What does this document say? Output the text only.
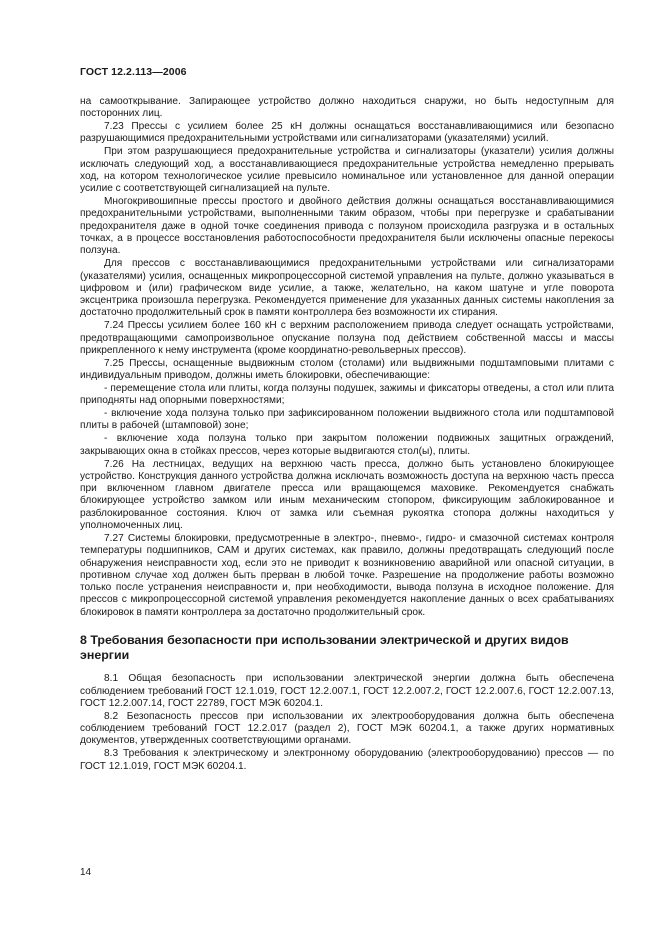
ГОСТ 12.2.113—2006

на самооткрывание. Запирающее устройство должно находиться снаружи, но быть недоступным для посторонних лиц.

7.23 Прессы с усилием более 25 кН должны оснащаться восстанавливающимися или безопасно разрушающимися предохранительными устройствами или сигнализаторами (указателями) усилий.

При этом разрушающиеся предохранительные устройства и сигнализаторы (указатели) усилия должны исключать следующий ход, а восстанавливающиеся предохранительные устройства немедленно прерывать ход, на котором технологическое усилие превысило номинальное или установленное для данной операции усилие с соответствующей сигнализацией на пульте.

Многокривошипные прессы простого и двойного действия должны оснащаться восстанавливающимися предохранительными устройствами, выполненными таким образом, чтобы при перегрузке и срабатывании предохранителя даже в одной точке соединения привода с ползуном происходила разгрузка и в остальных точках, а в процессе восстановления работоспособности предохранителя были исключены опасные перекосы ползуна.

Для прессов с восстанавливающимися предохранительными устройствами или сигнализаторами (указателями) усилия, оснащенных микропроцессорной системой управления на пульте, должно указываться в цифровом и (или) графическом виде усилие, а также, желательно, на каком шатуне и угле поворота эксцентрика произошла перегрузка. Рекомендуется применение для указанных данных системы накопления за достаточно продолжительный срок в памяти контроллера без возможности их стирания.

7.24 Прессы усилием более 160 кН с верхним расположением привода следует оснащать устройствами, предотвращающими самопроизвольное опускание ползуна под действием собственной массы и массы прикрепленного к нему инструмента (кроме координатно-револьверных прессов).

7.25 Прессы, оснащенные выдвижным столом (столами) или выдвижными подштамповыми плитами с индивидуальным приводом, должны иметь блокировки, обеспечивающие:

- перемещение стола или плиты, когда ползуны подушек, зажимы и фиксаторы отведены, а стол или плита приподняты над опорными поверхностями;

- включение хода ползуна только при зафиксированном положении выдвижного стола или подштамповой плиты в рабочей (штамповой) зоне;

- включение хода ползуна только при закрытом положении подвижных защитных ограждений, закрывающих окна в стойках прессов, через которые выдвигаются стол(ы), плиты.

7.26 На лестницах, ведущих на верхнюю часть пресса, должно быть установлено блокирующее устройство. Конструкция данного устройства должна исключать возможность доступа на верхнюю часть пресса при включенном главном двигателе пресса или вращающемся маховике. Рекомендуется снабжать блокирующее устройство замком или иным механическим стопором, фиксирующим заблокированное и разблокированное состояния. Ключ от замка или съемная рукоятка стопора должны находиться у уполномоченных лиц.

7.27 Системы блокировки, предусмотренные в электро-, пневмо-, гидро- и смазочной системах контроля температуры подшипников, САМ и других системах, как правило, должны предотвращать следующий после обнаружения неисправности ход, если это не приводит к возникновению аварийной или опасной ситуации, в противном случае ход должен быть прерван в любой точке. Разрешение на продолжение работы возможно только после устранения неисправности и, при необходимости, вывода ползуна в исходное положение. Для прессов с микропроцессорной системой управления рекомендуется накопление данных о всех срабатываниях блокировок в памяти контроллера за достаточно продолжительный срок.

8 Требования безопасности при использовании электрической и других видов энергии

8.1 Общая безопасность при использовании электрической энергии должна быть обеспечена соблюдением требований ГОСТ 12.1.019, ГОСТ 12.2.007.1, ГОСТ 12.2.007.2, ГОСТ 12.2.007.6, ГОСТ 12.2.007.13, ГОСТ 12.2.007.14, ГОСТ 22789, ГОСТ МЭК 60204.1.

8.2 Безопасность прессов при использовании их электрооборудования должна быть обеспечена соблюдением требований ГОСТ 12.2.017 (раздел 2), ГОСТ МЭК 60204.1, а также других нормативных документов, утвержденных соответствующими органами.

8.3 Требования к электрическому и электронному оборудованию (электрооборудованию) прессов — по ГОСТ 12.1.019, ГОСТ МЭК 60204.1.

14
